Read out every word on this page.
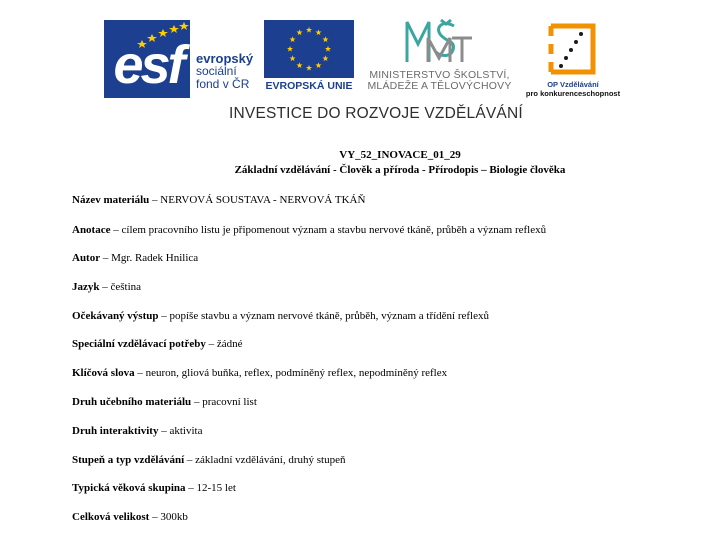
esf	evropský
sociální
fond v ČR	EVROPSKÁ UNIE
MINISTERSTVO ŠKOLSTVÍ,
MLÁDEŽE A TĚLOVÝCHOVY	OP Vzdělávání
pro konkurenceschopnost
INVESTICE DO ROZVOJE VZDĚLÁVÁNÍ
VY_52_INOVACE_01_29
Základní vzdělávání - Člověk a příroda - Přírodopis – Biologie člověka
Název materiálu – NERVOVÁ SOUSTAVA - NERVOVÁ TKÁŇ
Anotace – cílem pracovního listu je připomenout význam a stavbu nervové tkáně, průběh a význam reflexů
Autor – Mgr. Radek Hnilica
Jazyk – čeština
Očekávaný výstup – popíše stavbu a význam nervové tkáně, průběh, význam a třídění reflexů
Speciální vzdělávací potřeby – žádné
Klíčová slova – neuron, gliová buňka, reflex, podmíněný reflex, nepodmíněný reflex
Druh učebního materiálu – pracovní list
Druh interaktivity – aktivita
Stupeň a typ vzdělávání – základní vzdělávání, druhý stupeň
Typická věková skupina – 12-15 let
Celková velikost – 300kb
